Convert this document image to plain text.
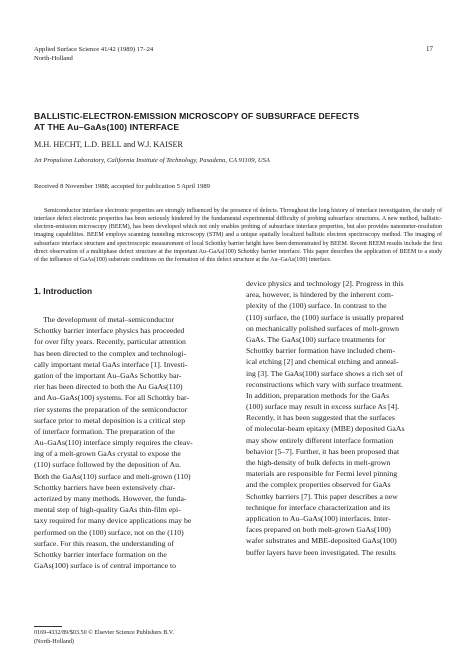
Applied Surface Science 41/42 (1989) 17–24
North-Holland
17
BALLISTIC-ELECTRON-EMISSION MICROSCOPY OF SUBSURFACE DEFECTS
AT THE Au–GaAs(100) INTERFACE
M.H. HECHT, L.D. BELL and W.J. KAISER
Jet Propulsion Laboratory, California Institute of Technology, Pasadena, CA 91109, USA
Received 8 November 1988; accepted for publication 5 April 1989
Semiconductor interface electronic properties are strongly influenced by the presence of defects. Throughout the long history of interface investigation, the study of interface defect electronic properties has been seriously hindered by the fundamental experimental difficulty of probing subsurface structures. A new method, ballistic-electron-emission microscopy (BEEM), has been developed which not only enables probing of subsurface interface properties, but also provides nanometer-resolution imaging capabilities. BEEM employs scanning tunneling microscopy (STM) and a unique spatially localized ballistic electron spectroscopy method. The imaging of subsurface interface structure and spectroscopic measurement of local Schottky barrier height have been demonstrated by BEEM. Recent BEEM results include the first direct observation of a multiphase defect structure at the important Au–GaAs(100) Schottky barrier interface. This paper describes the application of BEEM to a study of the influence of GaAs(100) substrate conditions on the formation of this defect structure at the Au–GaAs(100) interface.
1. Introduction
The development of metal–semiconductor
Schottky barrier interface physics has proceeded
for over fifty years. Recently, particular attention
has been directed to the complex and technologi-
cally important metal GaAs interface [1]. Investi-
gation of the important Au–GaAs Schottky bar-
rier has been directed to both the Au GaAs(110)
and Au–GaAs(100) systems. For all Schottky bar-
rier systems the preparation of the semiconductor
surface prior to metal deposition is a critical step
of interface formation. The preparation of the
Au–GaAs(110) interface simply requires the cleav-
ing of a melt-grown GaAs crystal to expose the
(110) surface followed by the deposition of Au.
Both the GaAs(110) surface and melt-grown (110)
Schottky barriers have been extensively char-
acterized by many methods. However, the funda-
mental step of high-quality GaAs thin-film epi-
taxy required for many device applications may be
performed on the (100) surface, not on the (110)
surface. For this reason, the understanding of
Schottky barrier interface formation on the
GaAs(100) surface is of central importance to
device physics and technology [2]. Progress in this
area, however, is hindered by the inherent com-
plexity of the (100) surface. In contrast to the
(110) surface, the (100) surface is usually prepared
on mechanically polished surfaces of melt-grown
GaAs. The GaAs(100) surface treatments for
Schottky barrier formation have included chem-
ical etching [2] and chemical etching and anneal-
ing [3]. The GaAs(100) surface shows a rich set of
reconstructions which vary with surface treatment.
In addition, preparation methods for the GaAs
(100) surface may result in excess surface As [4].
Recently, it has been suggested that the surfaces
of molecular-beam epitaxy (MBE) deposited GaAs
may show entirely different interface formation
behavior [5–7]. Further, it has been proposed that
the high-density of bulk defects in melt-grown
materials are responsible for Fermi level pinning
and the complex properties observed for GaAs
Schottky barriers [7]. This paper describes a new
technique for interface characterization and its
application to Au–GaAs(100) interfaces. Inter-
faces prepared on both melt-grown GaAs(100)
wafer substrates and MBE-deposited GaAs(100)
buffer layers have been investigated. The results
0169-4332/89/$03.50 © Elsevier Science Publishers B.V.
(North-Holland)
